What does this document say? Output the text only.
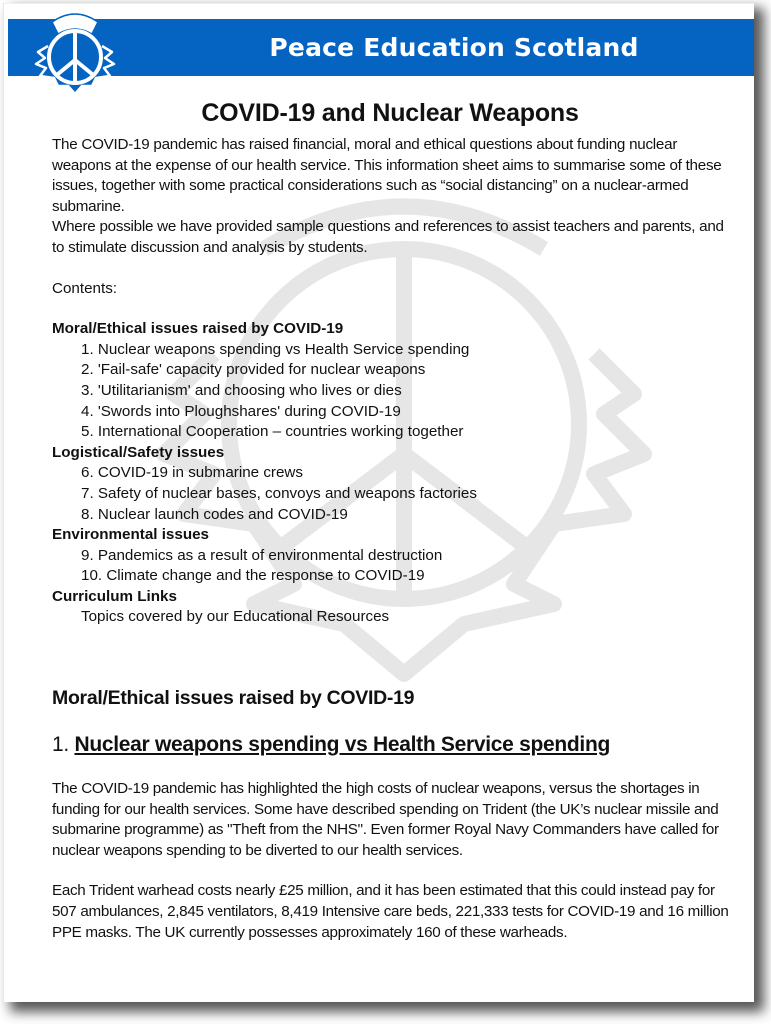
Peace Education Scotland
COVID-19 and Nuclear Weapons

The COVID-19 pandemic has raised financial, moral and ethical questions about funding nuclear weapons at the expense of our health service. This information sheet aims to summarise some of these issues, together with some practical considerations such as “social distancing” on a nuclear-armed submarine.

Where possible we have provided sample questions and references to assist teachers and parents, and to stimulate discussion and analysis by students.

Contents:

Moral/Ethical issues raised by COVID-19
1. Nuclear weapons spending vs Health Service spending
2. 'Fail-safe' capacity provided for nuclear weapons
3. 'Utilitarianism' and choosing who lives or dies
4. 'Swords into Ploughshares' during COVID-19
5. International Cooperation – countries working together
Logistical/Safety issues
6. COVID-19 in submarine crews
7. Safety of nuclear bases, convoys and weapons factories
8. Nuclear launch codes and COVID-19
Environmental issues
9. Pandemics as a result of environmental destruction
10. Climate change and the response to COVID-19
Curriculum Links
Topics covered by our Educational Resources
Moral/Ethical issues raised by COVID-19
1. Nuclear weapons spending vs Health Service spending

The COVID-19 pandemic has highlighted the high costs of nuclear weapons, versus the shortages in funding for our health services. Some have described spending on Trident (the UK’s nuclear missile and submarine programme) as "Theft from the NHS". Even former Royal Navy Commanders have called for nuclear weapons spending to be diverted to our health services.

Each Trident warhead costs nearly £25 million, and it has been estimated that this could instead pay for 507 ambulances, 2,845 ventilators, 8,419 Intensive care beds, 221,333 tests for COVID-19 and 16 million PPE masks. The UK currently possesses approximately 160 of these warheads.
